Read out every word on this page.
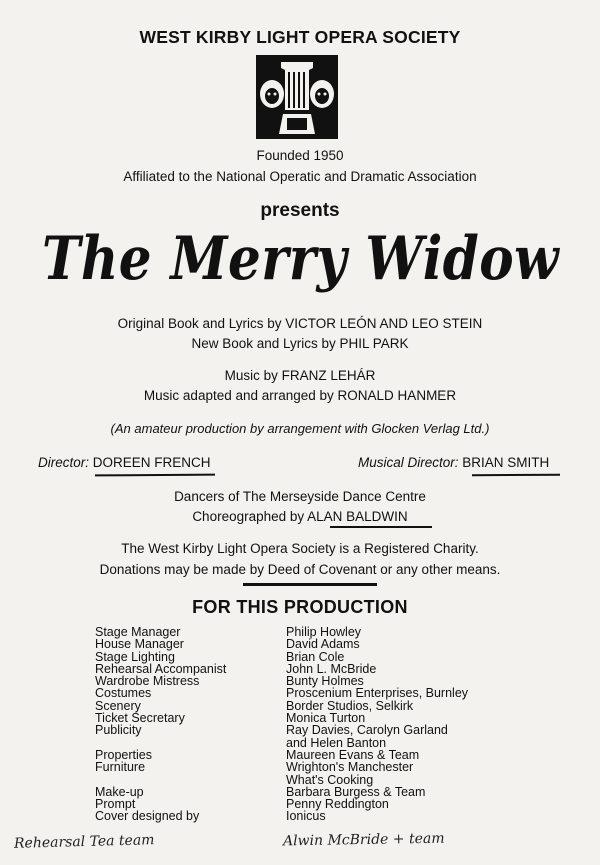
WEST KIRBY LIGHT OPERA SOCIETY
Founded 1950
Affiliated to the National Operatic and Dramatic Association
presents
The Merry Widow
Original Book and Lyrics by VICTOR LEÓN AND LEO STEIN
New Book and Lyrics by PHIL PARK
Music by FRANZ LEHÁR
Music adapted and arranged by RONALD HANMER
(An amateur production by arrangement with Glocken Verlag Ltd.)
Director: DOREEN FRENCH	Musical Director: BRIAN SMITH
Dancers of The Merseyside Dance Centre
Choreographed by ALAN BALDWIN
The West Kirby Light Opera Society is a Registered Charity.
Donations may be made by Deed of Covenant or any other means.
FOR THIS PRODUCTION
Stage Manager
House Manager
Stage Lighting
Rehearsal Accompanist
Wardrobe Mistress
Costumes
Scenery
Ticket Secretary
Publicity
Properties
Furniture
Make-up
Prompt
Cover designed by
Philip Howley
David Adams
Brian Cole
John L. McBride
Bunty Holmes
Proscenium Enterprises, Burnley
Border Studios, Selkirk
Monica Turton
Ray Davies, Carolyn Garland
and Helen Banton
Maureen Evans & Team
Wrighton's Manchester
What's Cooking
Barbara Burgess & Team
Penny Reddington
Ionicus
Rehearsal Tea team	Alwin McBride + team
